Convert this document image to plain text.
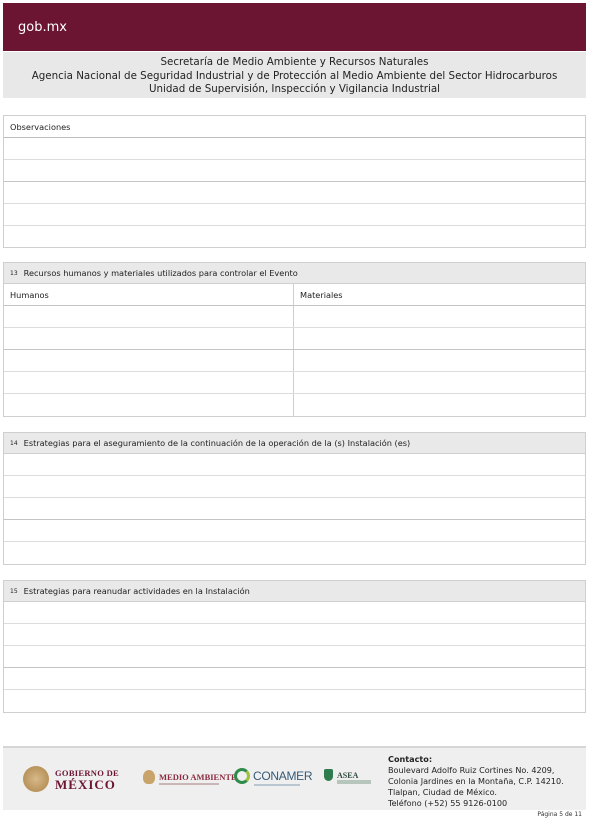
gob.mx
Secretaría de Medio Ambiente y Recursos Naturales
Agencia Nacional de Seguridad Industrial y de Protección al Medio Ambiente del Sector Hidrocarburos
Unidad de Supervisión, Inspección y Vigilancia Industrial
Observaciones
13 Recursos humanos y materiales utilizados para controlar el Evento
Humanos	Materiales
14 Estrategias para el aseguramiento de la continuación de la operación de la (s) Instalación (es)
15 Estrategias para reanudar actividades en la Instalación
GOBIERNO DE
MÉXICO	MEDIO AMBIENTE CONAMER	ASEA
Contacto:
Boulevard Adolfo Ruiz Cortines No. 4209,
Colonia Jardines en la Montaña, C.P. 14210.
Tlalpan, Ciudad de México.
Teléfono (+52) 55 9126-0100
Página 5 de 11
